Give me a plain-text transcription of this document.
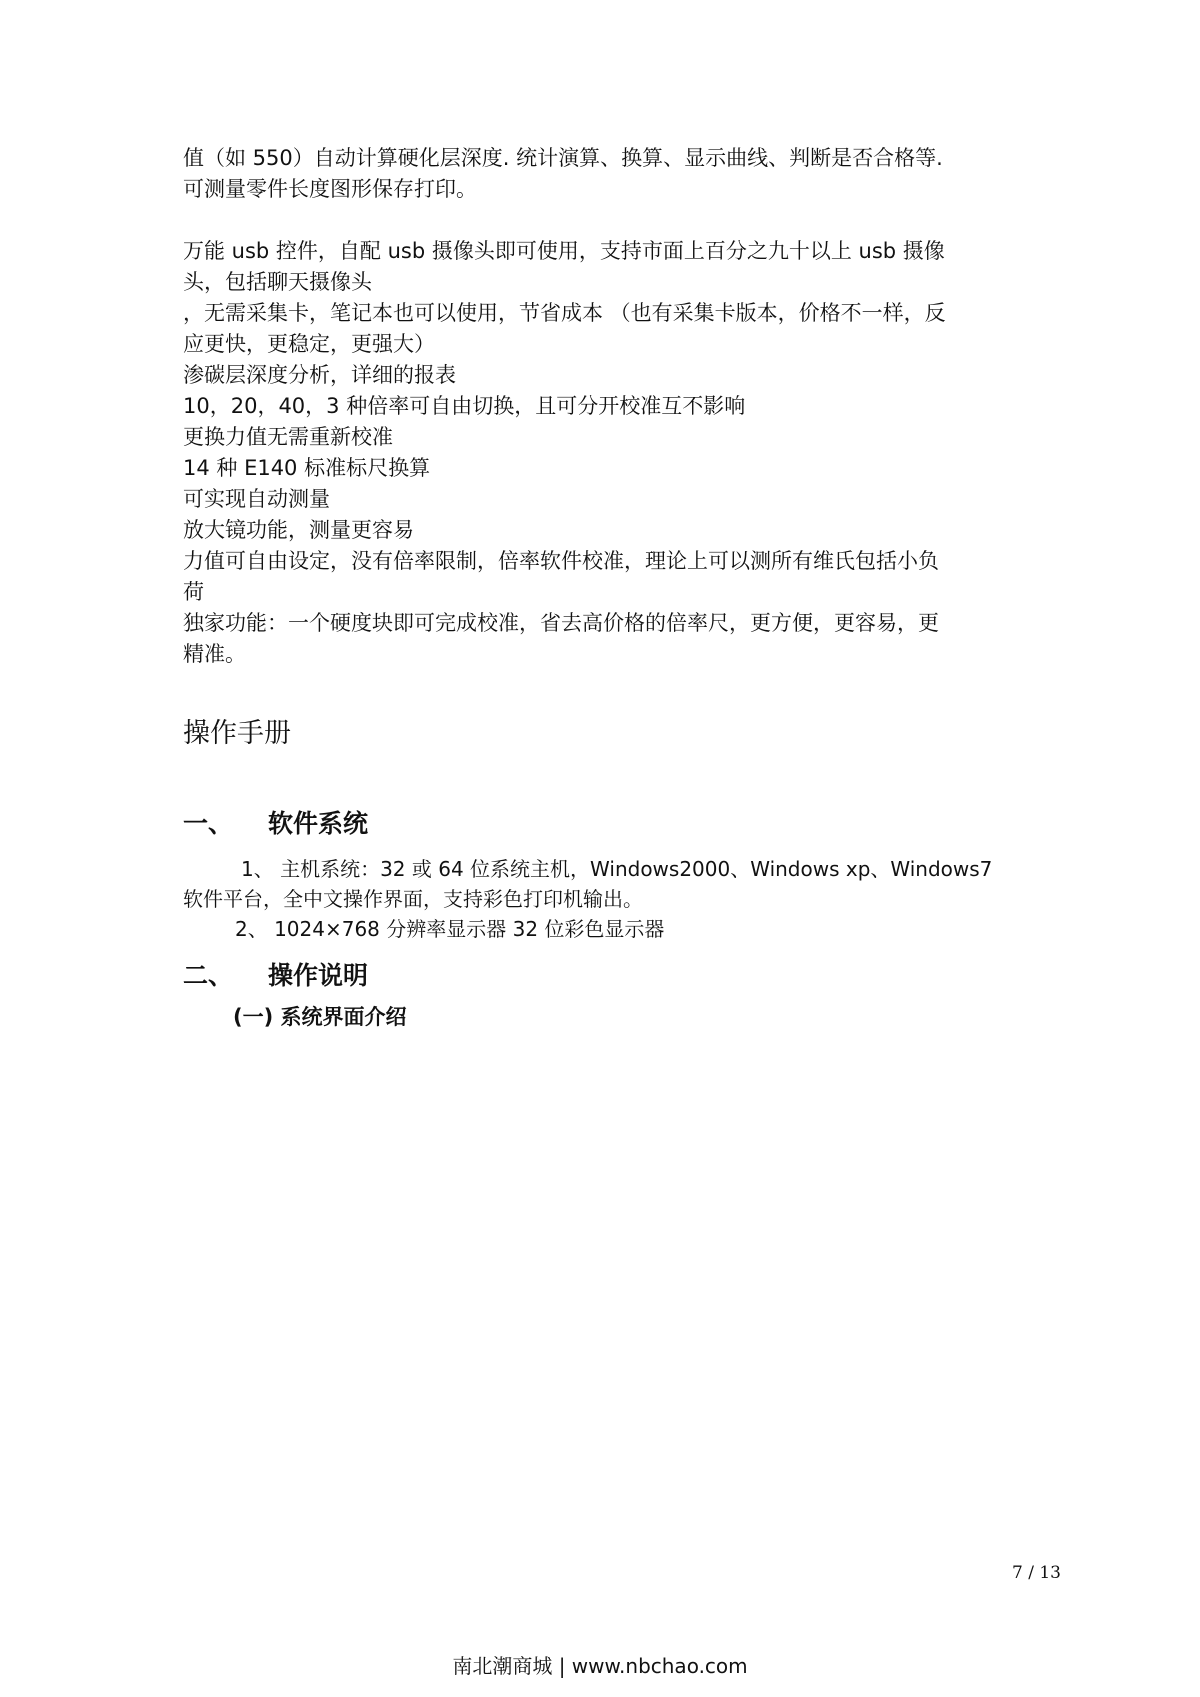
值（如 550）自动计算硬化层深度. 统计演算、换算、显示曲线、判断是否合格等.

可测量零件长度图形保存打印。

万能 usb 控件，自配 usb 摄像头即可使用，支持市面上百分之九十以上 usb 摄像

头，包括聊天摄像头

，无需采集卡，笔记本也可以使用，节省成本 （也有采集卡版本，价格不一样，反

应更快，更稳定，更强大）

渗碳层深度分析，详细的报表

10，20，40，3 种倍率可自由切换，且可分开校准互不影响

更换力值无需重新校准

14 种 E140 标准标尺换算

可实现自动测量

放大镜功能，测量更容易

力值可自由设定，没有倍率限制，倍率软件校准，理论上可以测所有维氏包括小负

荷

独家功能：一个硬度块即可完成校准，省去高价格的倍率尺，更方便，更容易，更

精准。

操作手册
一、	软件系统

1、 主机系统：32 或 64 位系统主机，Windows2000、Windows xp、Windows7

软件平台，全中文操作界面，支持彩色打印机输出。

2、 1024×768 分辨率显示器 32 位彩色显示器

二、	操作说明

(一) 系统界面介绍

7 / 13
南北潮商城 | www.nbchao.com
